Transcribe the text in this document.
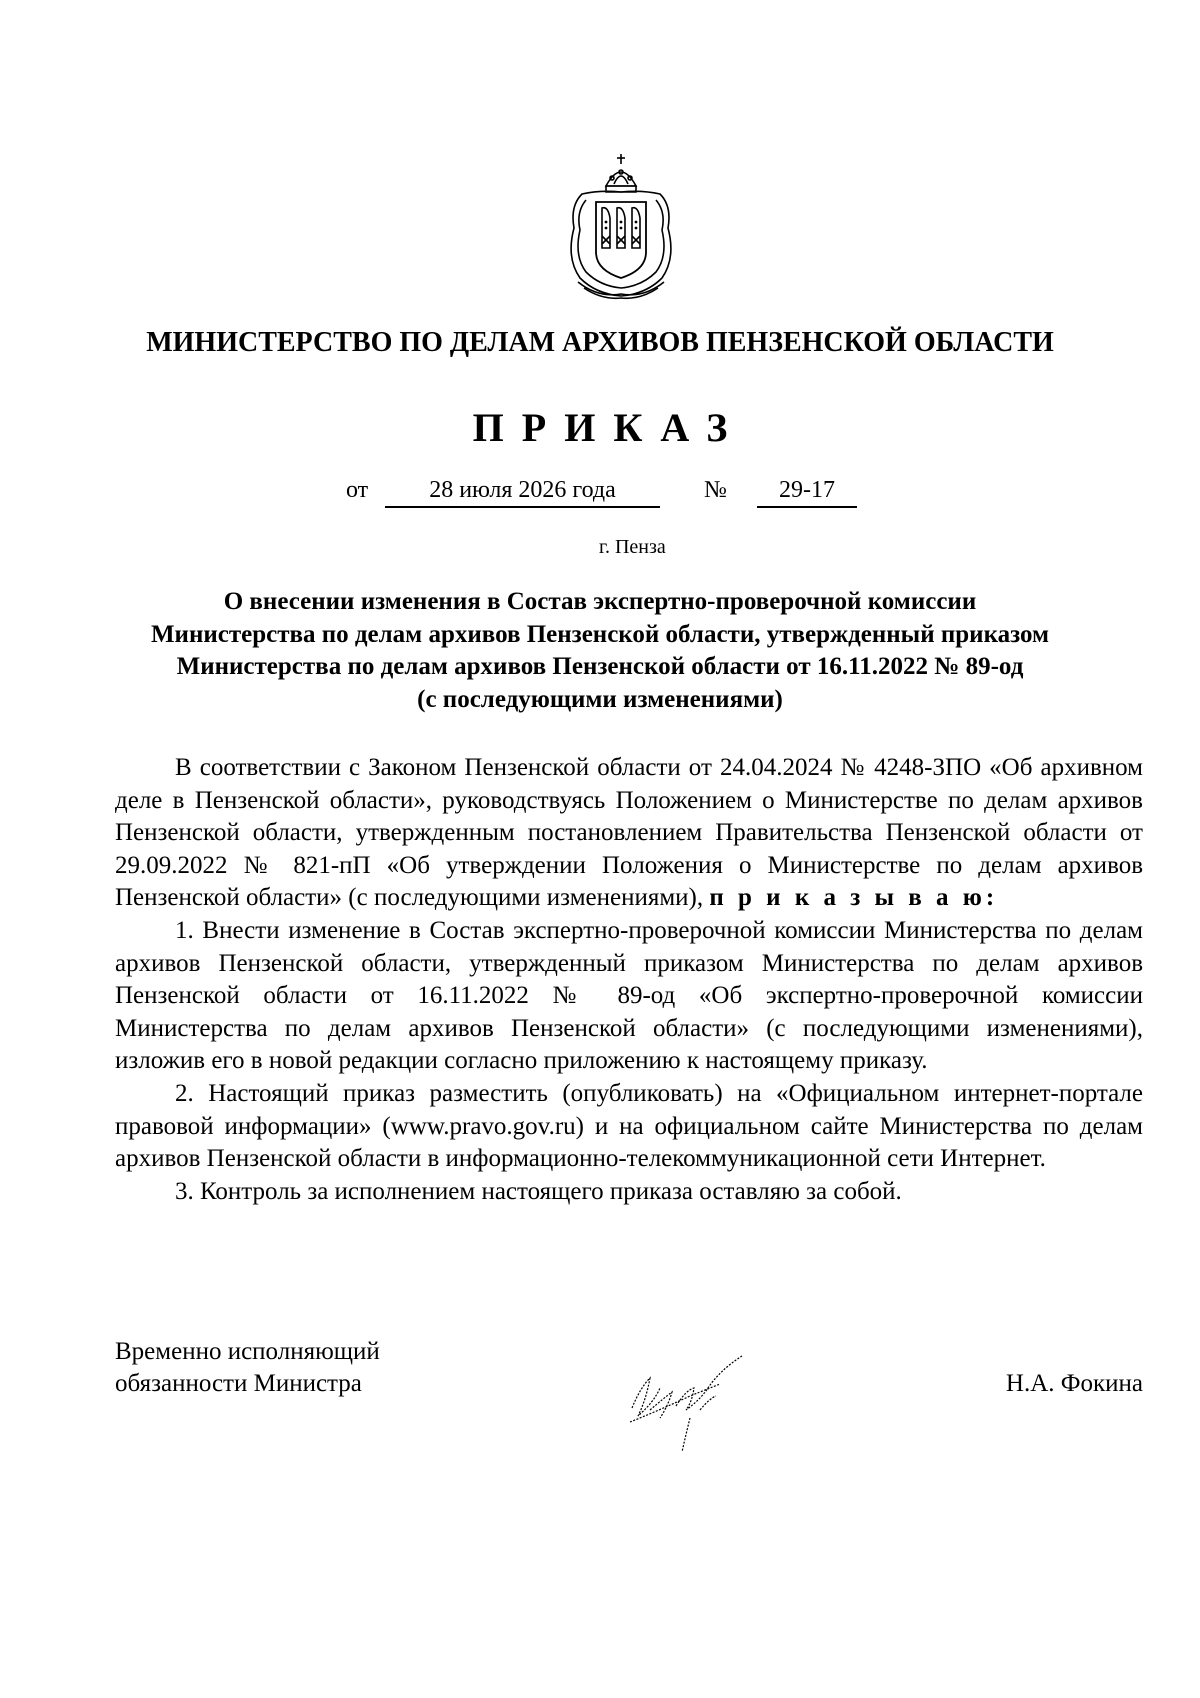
МИНИСТЕРСТВО ПО ДЕЛАМ АРХИВОВ ПЕНЗЕНСКОЙ ОБЛАСТИ
ПРИКАЗ
от	28 июля 2026 года	№	29-17
г. Пенза
О внесении изменения в Состав экспертно-проверочной комиссии
Министерства по делам архивов Пензенской области, утвержденный приказом
Министерства по делам архивов Пензенской области от 16.11.2022 № 89-од
(с последующими изменениями)

В соответствии с Законом Пензенской области от 24.04.2024 № 4248-ЗПО «Об архивном деле в Пензенской области», руководствуясь Положением о Министерстве по делам архивов Пензенской области, утвержденным постановлением Правительства Пензенской области от 29.09.2022 № 821-пП «Об утверждении Положения о Министерстве по делам архивов Пензенской области» (с последующими изменениями), п р и к а з ы в а ю:

1. Внести изменение в Состав экспертно-проверочной комиссии Министерства по делам архивов Пензенской области, утвержденный приказом Министерства по делам архивов Пензенской области от 16.11.2022 № 89-од «Об экспертно-проверочной комиссии Министерства по делам архивов Пензенской области» (с последующими изменениями), изложив его в новой редакции согласно приложению к настоящему приказу.

2. Настоящий приказ разместить (опубликовать) на «Официальном интернет-портале правовой информации» (www.pravo.gov.ru) и на официальном сайте Министерства по делам архивов Пензенской области в информационно-телекоммуникационной сети Интернет.

3. Контроль за исполнением настоящего приказа оставляю за собой.

Временно исполняющий
обязанности Министра	Н.А. Фокина
